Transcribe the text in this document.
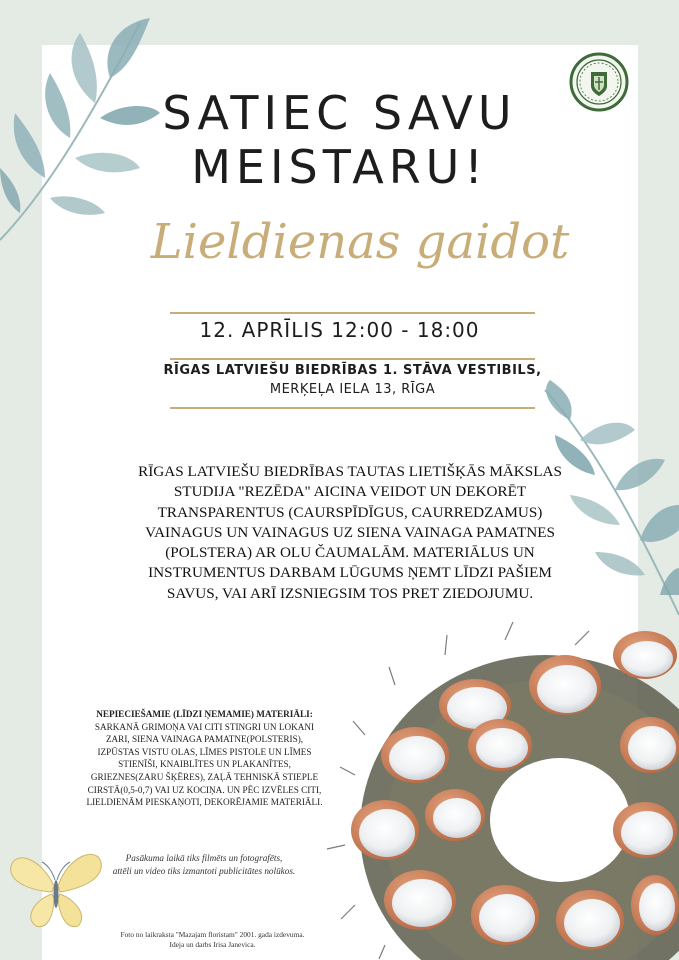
SATIEC SAVU
MEISTARU!
Lieldienas gaidot
12. APRĪLIS 12:00 - 18:00
RĪGAS LATVIEŠU BIEDRĪBAS 1. STĀVA VESTIBILS,
MERĶEĻA IELA 13, RĪGA

RĪGAS LATVIEŠU BIEDRĪBAS TAUTAS LIETIŠĶĀS MĀKSLAS

STUDIJA "REZĒDA" AICINA VEIDOT UN DEKORĒT

TRANSPARENTUS (CAURSPĪDĪGUS, CAURREDZAMUS)

VAINAGUS UN VAINAGUS UZ SIENA VAINAGA PAMATNES

(POLSTERA) AR OLU ČAUMALĀM. MATERIĀLUS UN

INSTRUMENTUS DARBAM LŪGUMS ŅEMT LĪDZI PAŠIEM

SAVUS, VAI ARĪ IZSNIEGSIM TOS PRET ZIEDOJUMU.

NEPIECIEŠAMIE (LĪDZI ŅEMAMIE) MATERIĀLI:

SARKANĀ GRIMOŅA VAI CITI STINGRI UN LOKANI

ZARI, SIENA VAINAGA PAMATNE(POLSTERIS),

IZPŪSTAS VISTU OLAS, LĪMES PISTOLE UN LĪMES

STIENĪŠI, KNAIBLĪTES UN PLAKANĪTES,

GRIEZNES(ZARU ŠĶĒRES), ZAĻĀ TEHNISKĀ STIEPLE

CIRSTĀ(0,5-0,7) VAI UZ KOCIŅA. UN PĒC IZVĒLES CITI,

LIELDIENĀM PIESKAŅOTI, DEKORĒJAMIE MATERIĀLI.

Pasākuma laikā tiks filmēts un fotografēts,

attēli un video tiks izmantoti publicitātes nolūkos.

Foto no laikraksta "Mazajam floristam" 2001. gada izdevuma.

Ideja un darbs Irisa Janevica.
